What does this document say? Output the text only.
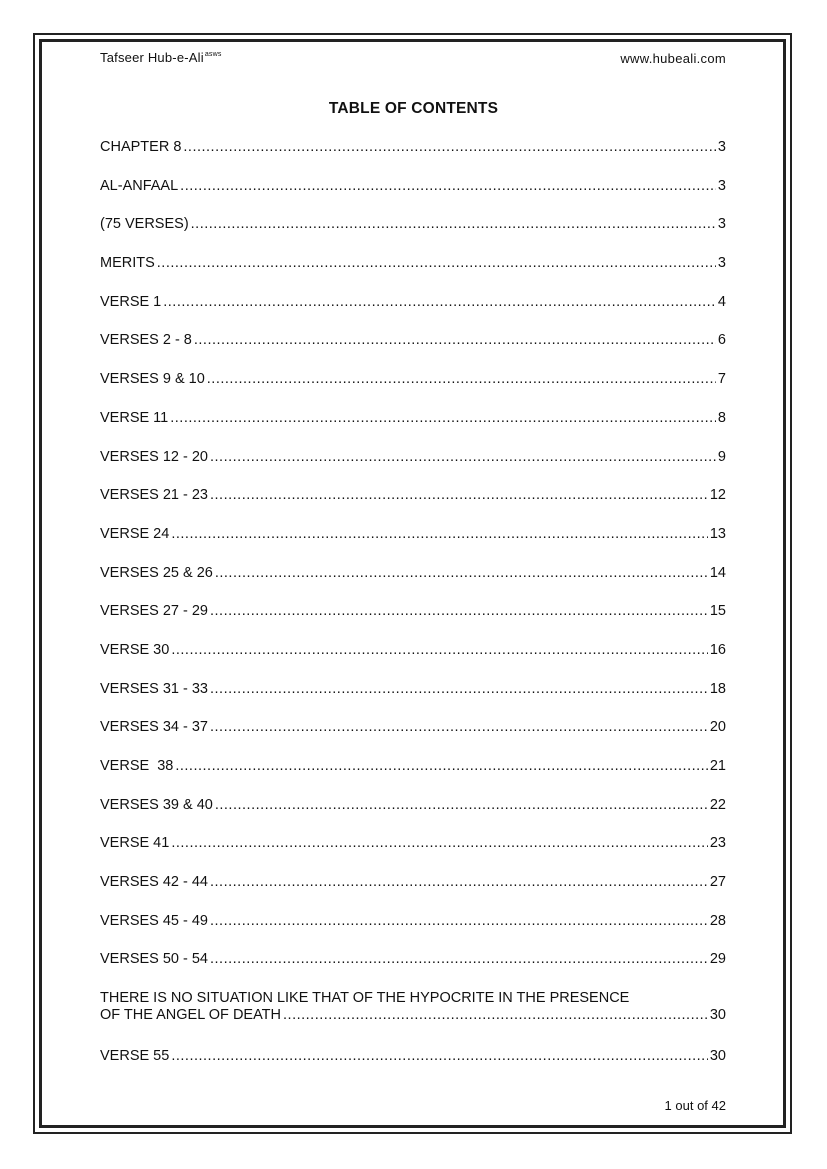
Tafseer Hub-e-Ali$^{asws}$	www.hubeali.com
TABLE OF CONTENTS
CHAPTER 8 .....	3
AL-ANFAAL .....	3
(75 VERSES) .....	3
MERITS .....	3
VERSE 1 .....	4
VERSES 2 - 8 .....	6
VERSES 9 & 10 .....	7
VERSE 11 .....	8
VERSES 12 - 20 .....	9
VERSES 21 - 23 .....	12
VERSE 24 .....	13
VERSES 25 & 26 .....	14
VERSES 27 - 29 .....	15
VERSE 30 .....	16
VERSES 31 - 33 .....	18
VERSES 34 - 37 .....	20
VERSE  38 .....	21
VERSES 39 & 40 .....	22
VERSE 41 .....	23
VERSES 42 - 44 .....	27
VERSES 45 - 49 .....	28
VERSES 50 - 54 .....	29
THERE IS NO SITUATION LIKE THAT OF THE HYPOCRITE IN THE PRESENCE
OF THE ANGEL OF DEATH .....	30
VERSE 55 .....	30
1 out of 42
